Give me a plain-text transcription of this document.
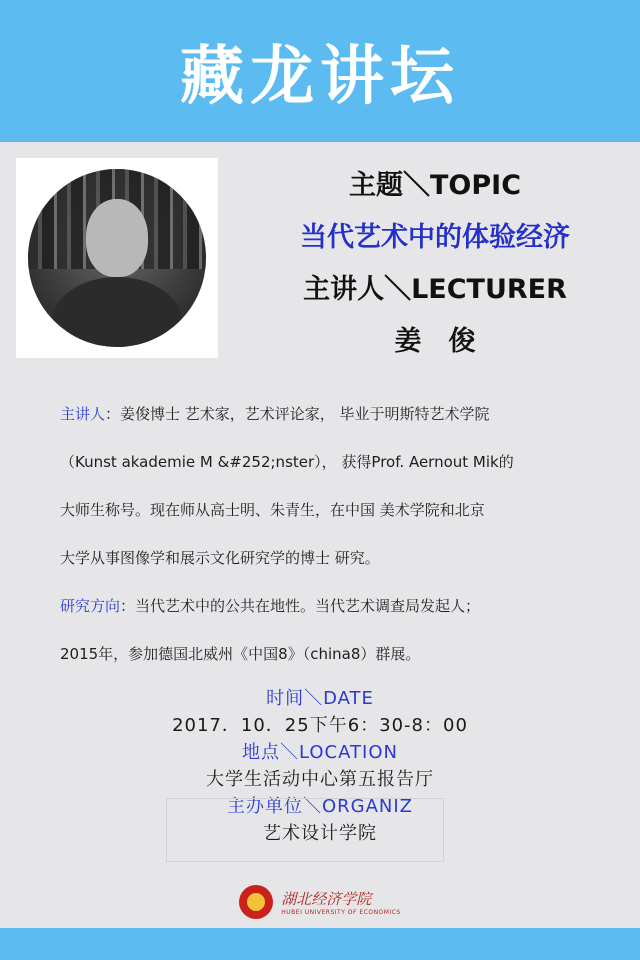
藏龙讲坛
主题＼TOPIC
当代艺术中的体验经济
主讲人＼LECTURER
姜　俊

主讲人：姜俊博士 艺术家，艺术评论家， 毕业于明斯特艺术学院

（Kunst akademie M &#252;nster）， 获得Prof. Aernout Mik的

大师生称号。现在师从高士明、朱青生，在中国 美术学院和北京

大学从事图像学和展示文化研究学的博士 研究。

研究方向：当代艺术中的公共在地性。当代艺术调查局发起人；

2015年，参加德国北威州《中国8》（china8）群展。

时间＼DATE
2017．10．25下午6：30-8：00
地点＼LOCATION
大学生活动中心第五报告厅
主办单位＼ORGANIZ
艺术设计学院
湖北经济学院
HUBEI UNIVERSITY OF ECONOMICS
